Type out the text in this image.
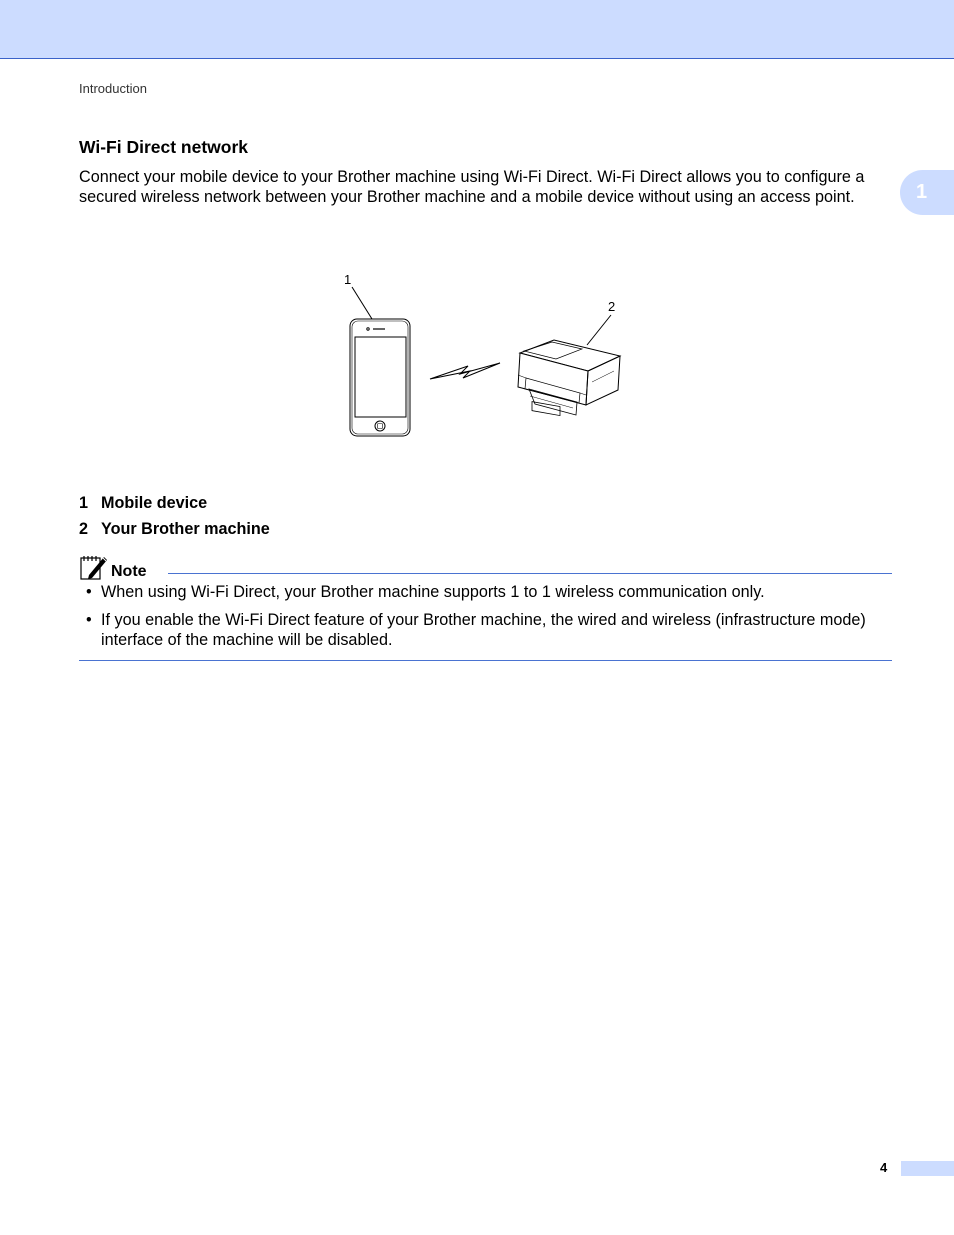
Introduction
1
Wi-Fi Direct network
Connect your mobile device to your Brother machine using Wi-Fi Direct. Wi-Fi Direct allows you to configure a secured wireless network between your Brother machine and a mobile device without using an access point.
1
2
1 Mobile device
2 Your Brother machine
Note
• When using Wi-Fi Direct, your Brother machine supports 1 to 1 wireless communication only.
• If you enable the Wi-Fi Direct feature of your Brother machine, the wired and wireless (infrastructure mode) interface of the machine will be disabled.
4
